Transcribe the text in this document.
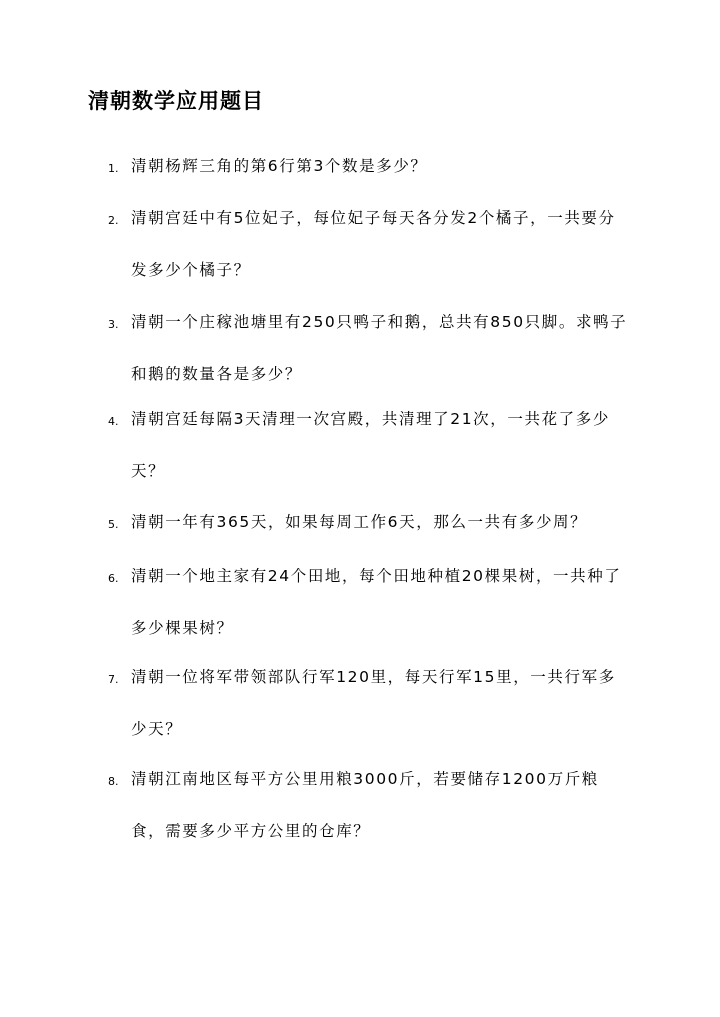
清朝数学应用题目
1. 清朝杨辉三角的第6行第3个数是多少？

2. 清朝宫廷中有5位妃子，每位妃子每天各分发2个橘子，一共要分发多少个橘子？

3. 清朝一个庄稼池塘里有250只鸭子和鹅，总共有850只脚。求鸭子和鹅的数量各是多少？

4. 清朝宫廷每隔3天清理一次宫殿，共清理了21次，一共花了多少天？

5. 清朝一年有365天，如果每周工作6天，那么一共有多少周？

6. 清朝一个地主家有24个田地，每个田地种植20棵果树，一共种了多少棵果树？

7. 清朝一位将军带领部队行军120里，每天行军15里，一共行军多少天？

8. 清朝江南地区每平方公里用粮3000斤，若要储存1200万斤粮食，需要多少平方公里的仓库？
